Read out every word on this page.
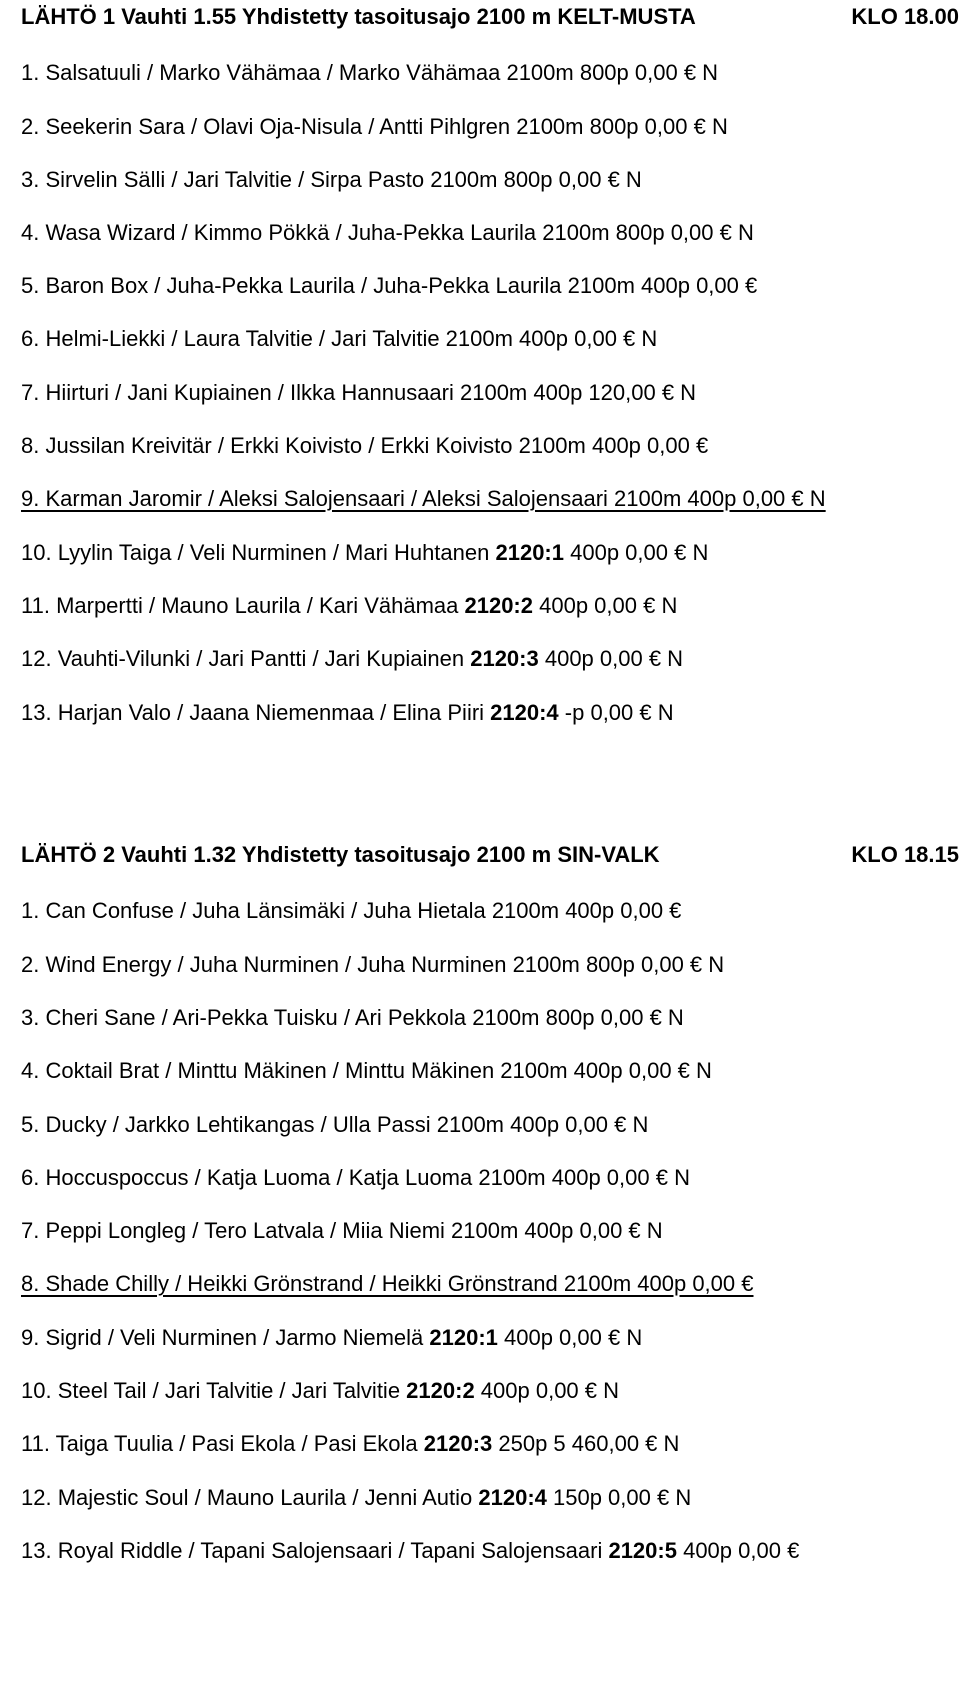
LÄHTÖ 1 Vauhti 1.55 Yhdistetty tasoitusajo 2100 m KELT-MUSTA	KLO 18.00
1. Salsatuuli / Marko Vähämaa / Marko Vähämaa 2100m 800p 0,00 € N
2. Seekerin Sara / Olavi Oja-Nisula / Antti Pihlgren 2100m 800p 0,00 € N
3. Sirvelin Sälli / Jari Talvitie / Sirpa Pasto 2100m 800p 0,00 € N
4. Wasa Wizard / Kimmo Pökkä / Juha-Pekka Laurila 2100m 800p 0,00 € N
5. Baron Box / Juha-Pekka Laurila / Juha-Pekka Laurila 2100m 400p 0,00 €
6. Helmi-Liekki / Laura Talvitie / Jari Talvitie 2100m 400p 0,00 € N
7. Hiirturi / Jani Kupiainen / Ilkka Hannusaari 2100m 400p 120,00 € N
8. Jussilan Kreivitär / Erkki Koivisto / Erkki Koivisto 2100m 400p 0,00 €
9. Karman Jaromir / Aleksi Salojensaari / Aleksi Salojensaari 2100m 400p 0,00 € N
10. Lyylin Taiga / Veli Nurminen / Mari Huhtanen 2120:1 400p 0,00 € N
11. Marpertti / Mauno Laurila / Kari Vähämaa 2120:2 400p 0,00 € N
12. Vauhti-Vilunki / Jari Pantti / Jari Kupiainen 2120:3 400p 0,00 € N
13. Harjan Valo / Jaana Niemenmaa / Elina Piiri 2120:4 -p 0,00 € N
LÄHTÖ 2 Vauhti 1.32 Yhdistetty tasoitusajo 2100 m SIN-VALK	KLO 18.15
1. Can Confuse / Juha Länsimäki / Juha Hietala 2100m 400p 0,00 €
2. Wind Energy / Juha Nurminen / Juha Nurminen 2100m 800p 0,00 € N
3. Cheri Sane / Ari-Pekka Tuisku / Ari Pekkola 2100m 800p 0,00 € N
4. Coktail Brat / Minttu Mäkinen / Minttu Mäkinen 2100m 400p 0,00 € N
5. Ducky / Jarkko Lehtikangas / Ulla Passi 2100m 400p 0,00 € N
6. Hoccuspoccus / Katja Luoma / Katja Luoma 2100m 400p 0,00 € N
7. Peppi Longleg / Tero Latvala / Miia Niemi 2100m 400p 0,00 € N
8. Shade Chilly / Heikki Grönstrand / Heikki Grönstrand 2100m 400p 0,00 €
9. Sigrid / Veli Nurminen / Jarmo Niemelä 2120:1 400p 0,00 € N
10. Steel Tail / Jari Talvitie / Jari Talvitie 2120:2 400p 0,00 € N
11. Taiga Tuulia / Pasi Ekola / Pasi Ekola 2120:3 250p 5 460,00 € N
12. Majestic Soul / Mauno Laurila / Jenni Autio 2120:4 150p 0,00 € N
13. Royal Riddle / Tapani Salojensaari / Tapani Salojensaari 2120:5 400p 0,00 €
